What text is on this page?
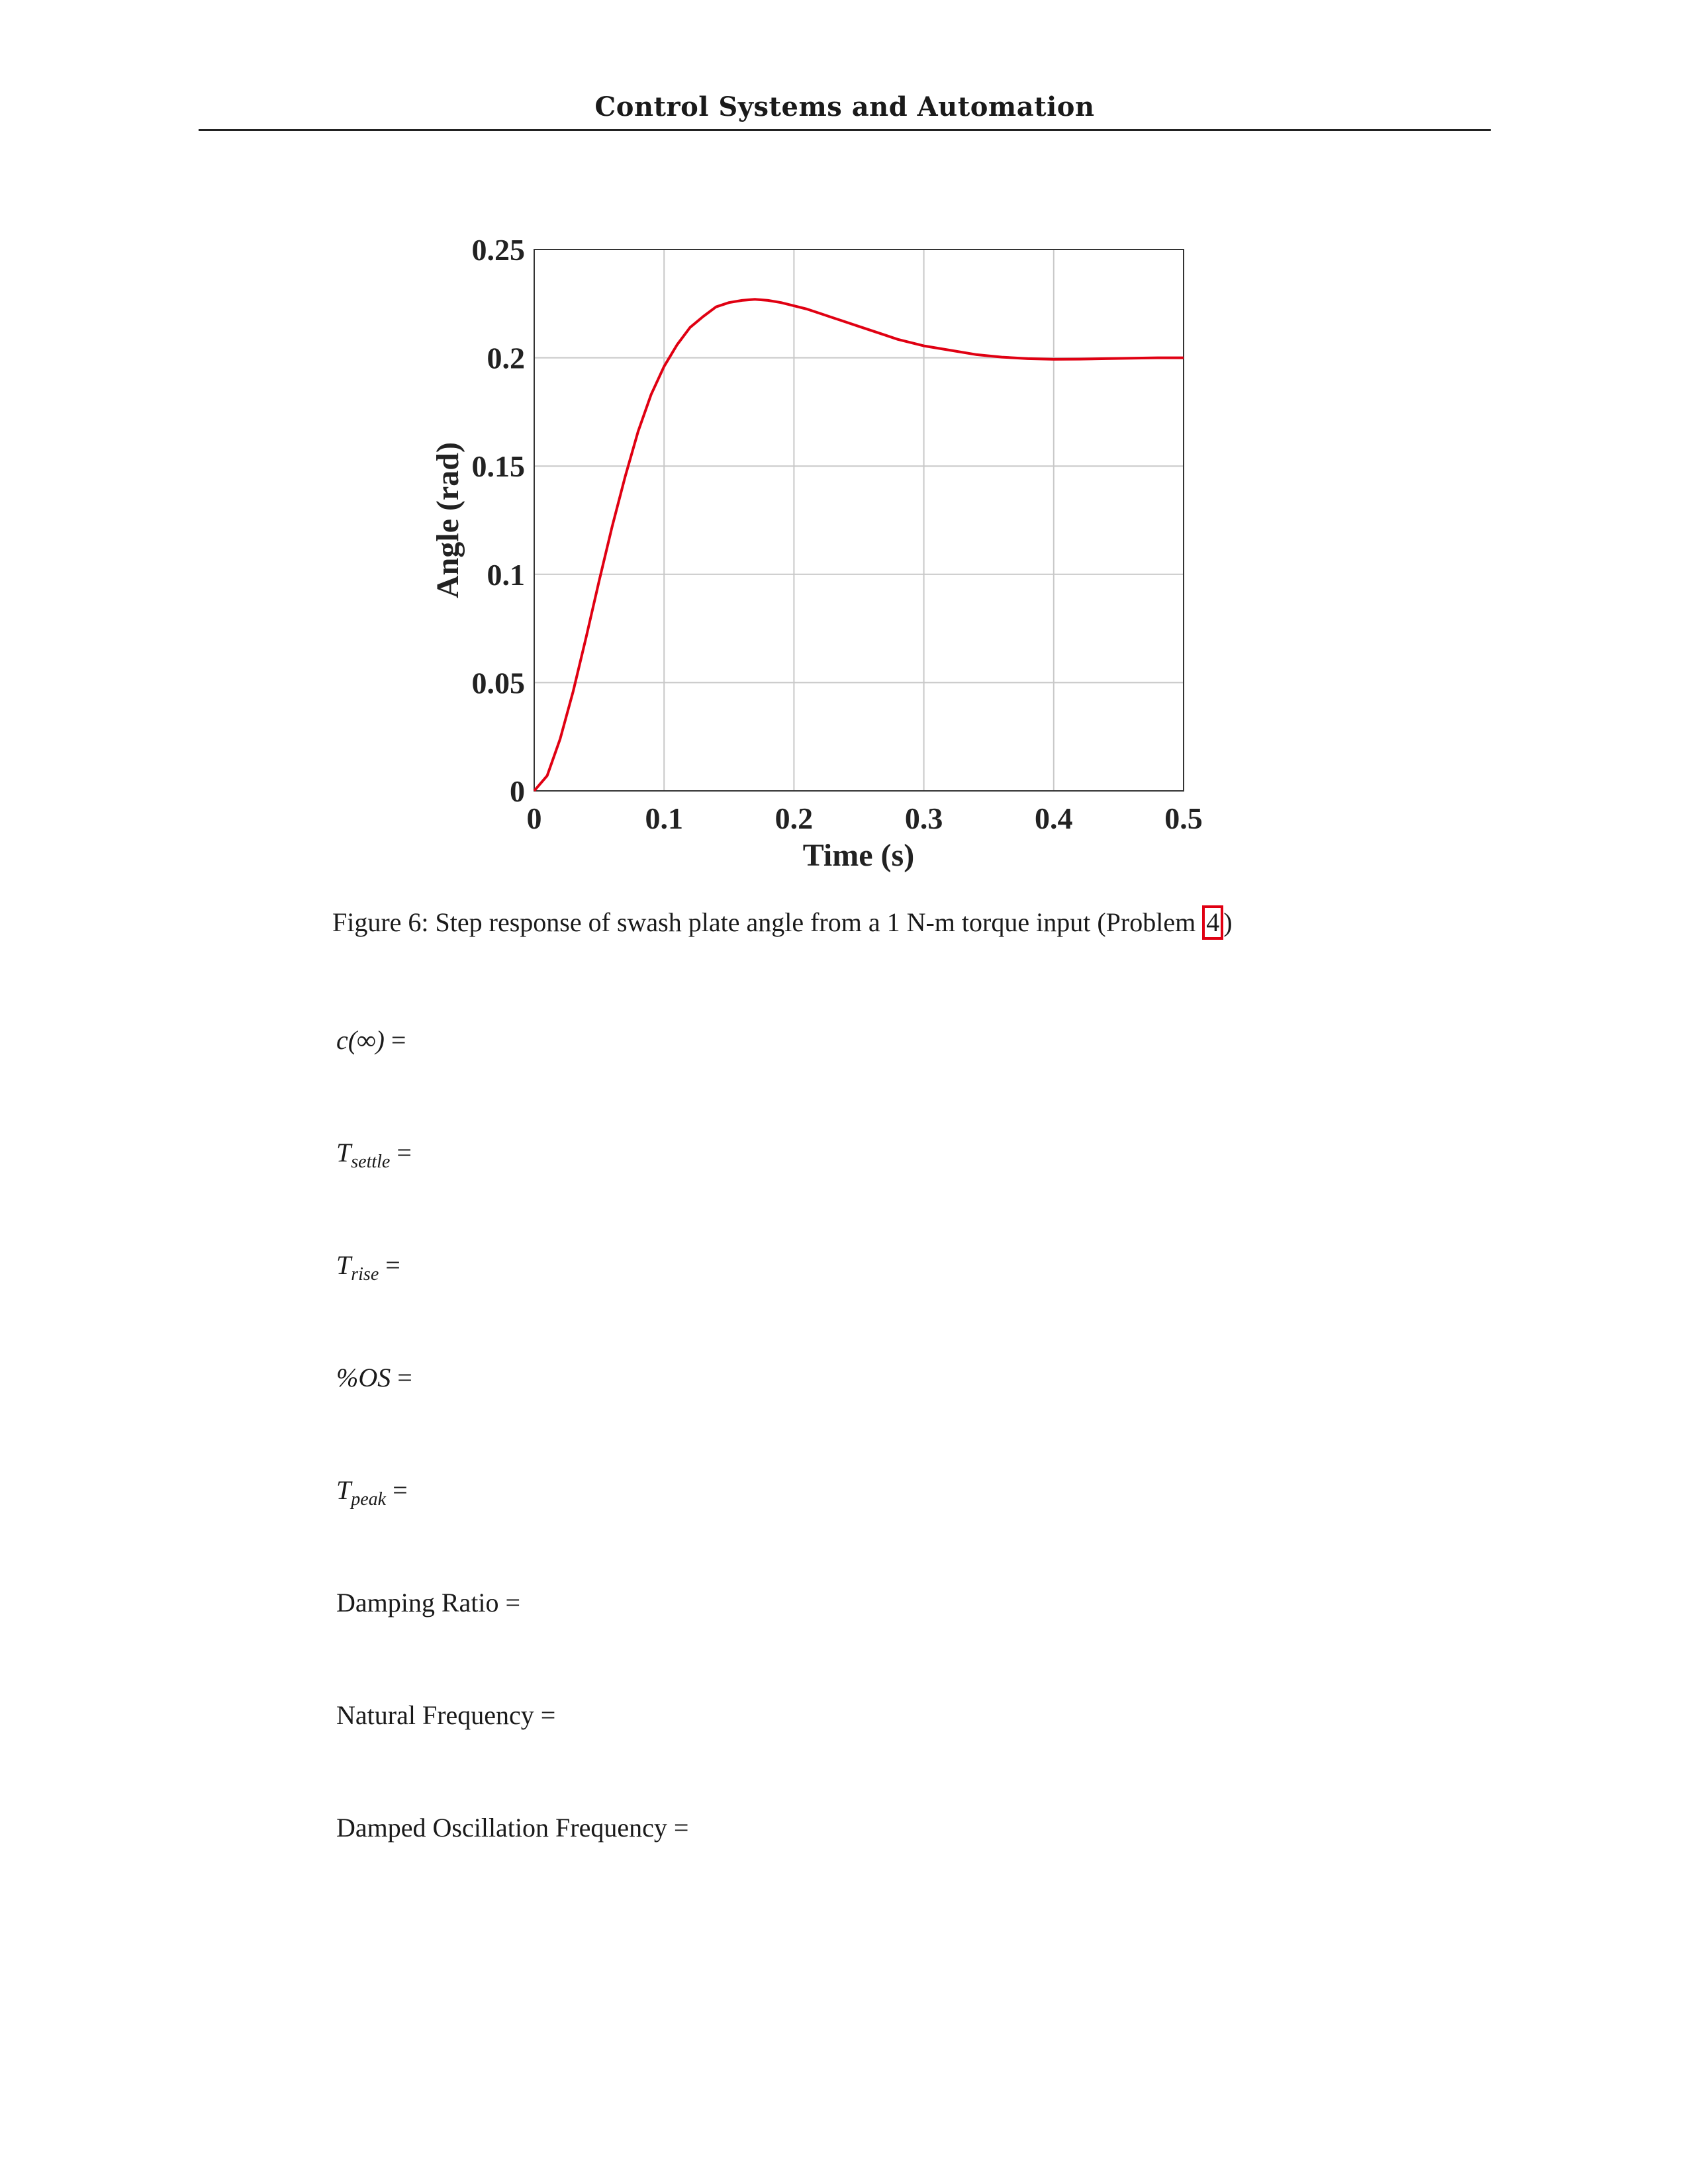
Control Systems and Automation
0	0.1	0.2	0.3	0.4	0.5
0
0.05
0.1
0.15
0.2
0.25
Time (s)
Angle (rad)
Figure 6: Step response of swash plate angle from a 1 N-m torque input (Problem 4 )
c(∞) =
$T_{settle}$ =
$T_{rise}$ =
%OS =
$T_{peak}$ =
Damping Ratio =
Natural Frequency =
Damped Oscillation Frequency =
